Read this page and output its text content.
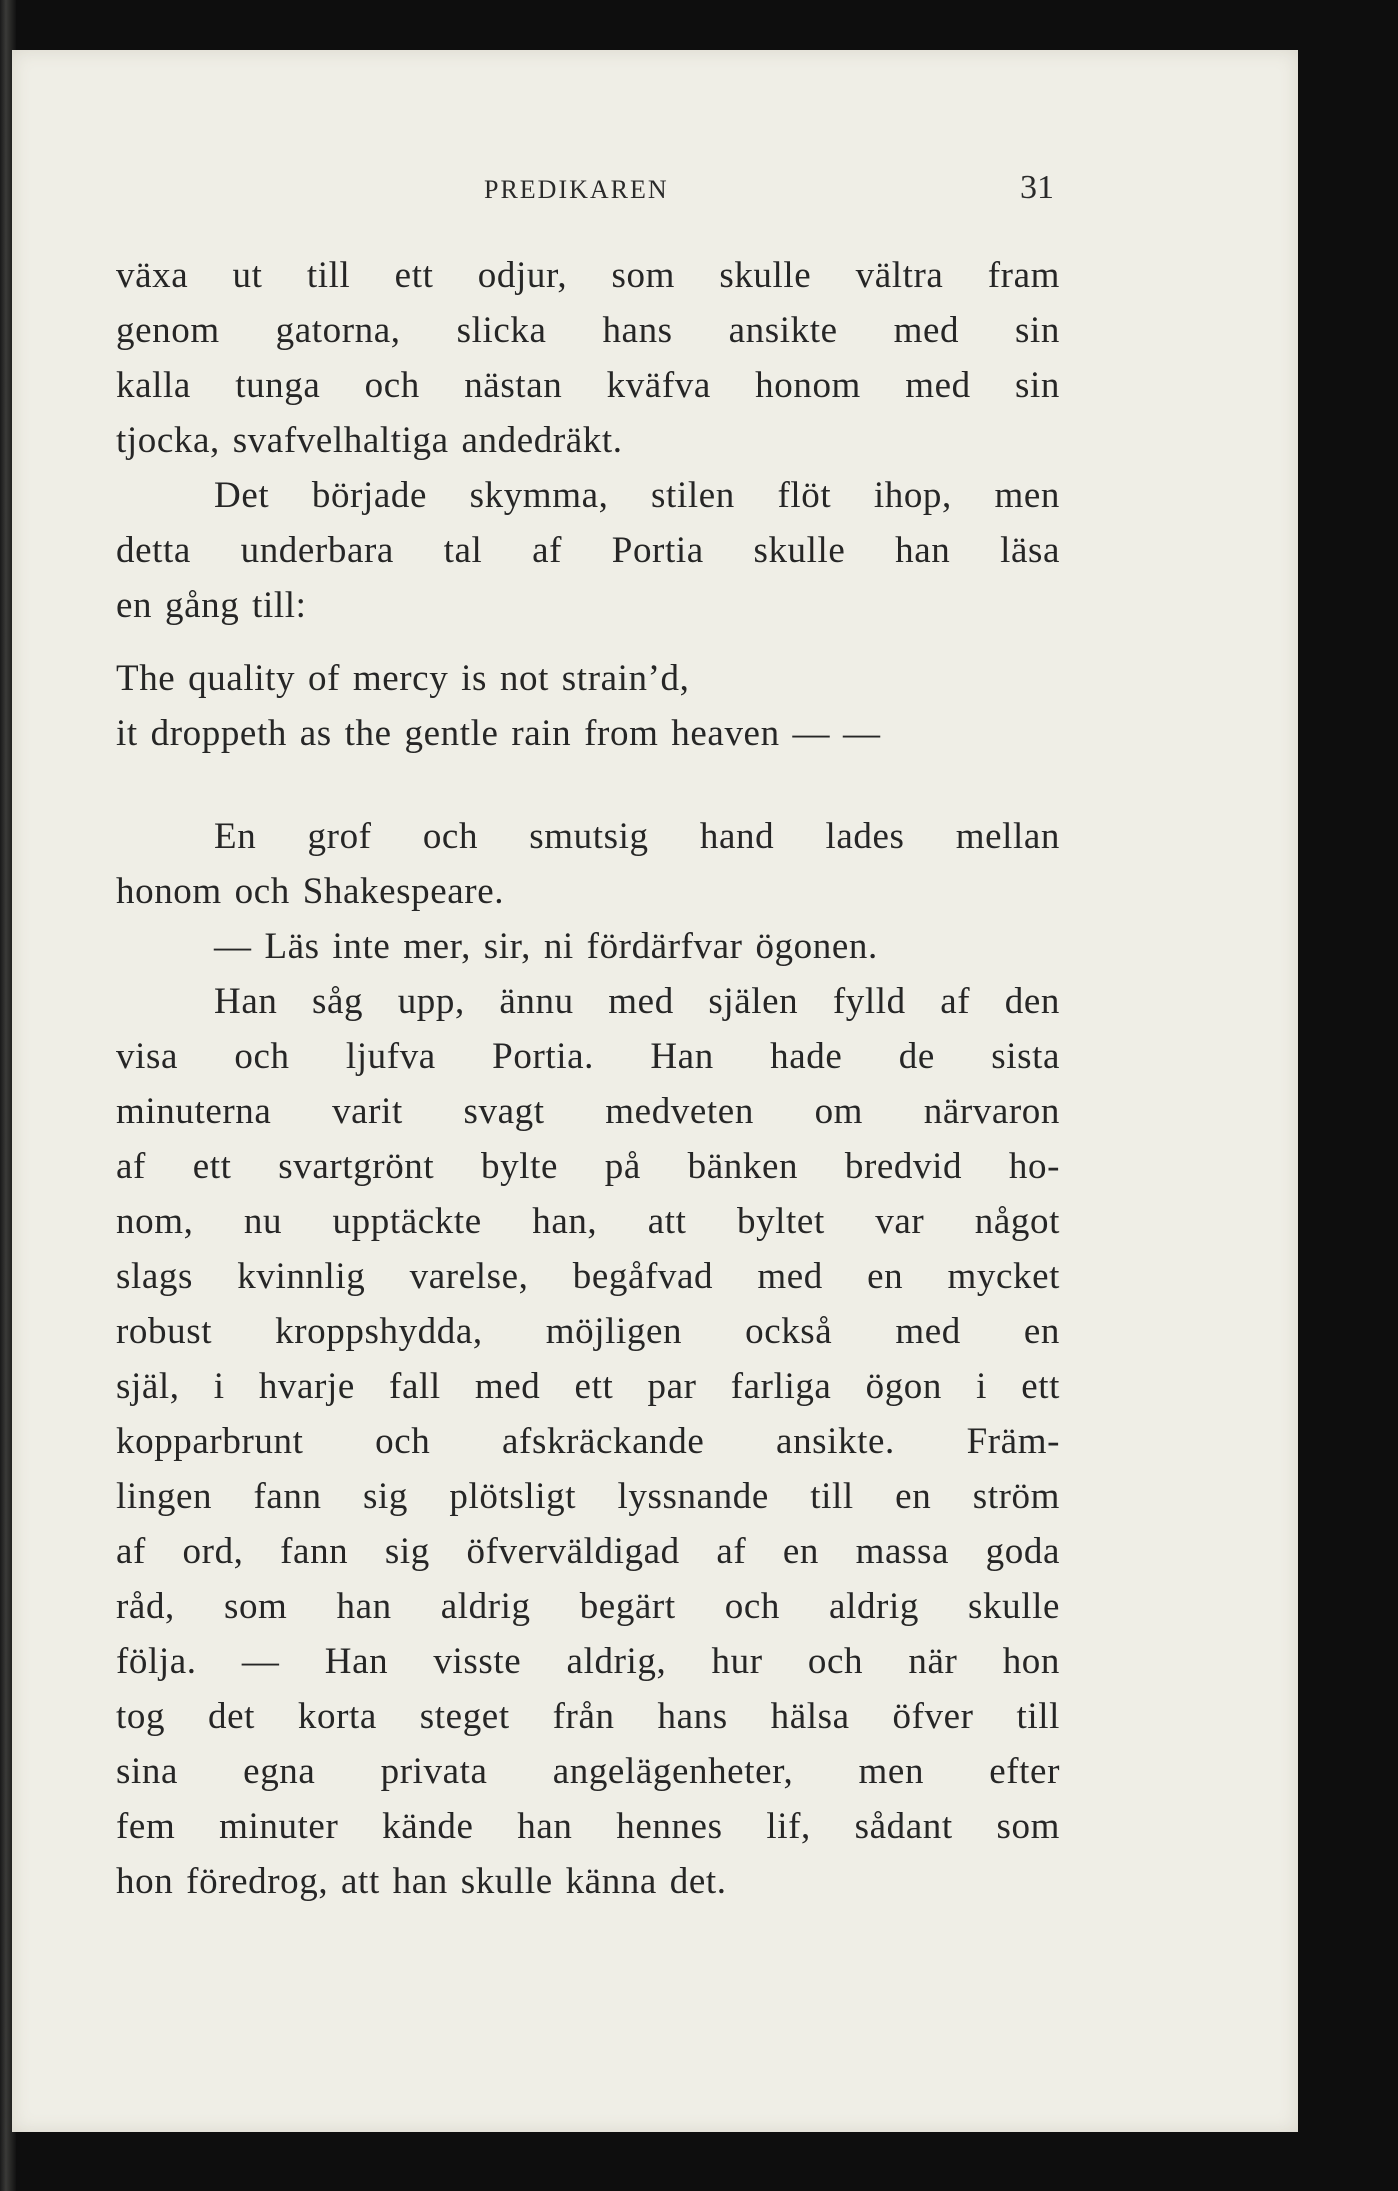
PREDIKAREN	31
växa ut till ett odjur, som skulle vältra fram
genom gatorna, slicka hans ansikte med sin
kalla tunga och nästan kväfva honom med sin
tjocka, svafvelhaltiga andedräkt.
Det började skymma, stilen flöt ihop, men
detta underbara tal af Portia skulle han läsa
en gång till:
The quality of mercy is not strain’d,
it droppeth as the gentle rain from heaven — —
En grof och smutsig hand lades mellan
honom och Shakespeare.
— Läs inte mer, sir, ni fördärfvar ögonen.
Han såg upp, ännu med själen fylld af den
visa och ljufva Portia. Han hade de sista
minuterna varit svagt medveten om närvaron
af ett svartgrönt bylte på bänken bredvid ho-
nom, nu upptäckte han, att byltet var något
slags kvinnlig varelse, begåfvad med en mycket
robust kroppshydda, möjligen också med en
själ, i hvarje fall med ett par farliga ögon i ett
kopparbrunt och afskräckande ansikte. Främ-
lingen fann sig plötsligt lyssnande till en ström
af ord, fann sig öfverväldigad af en massa goda
råd, som han aldrig begärt och aldrig skulle
följa. — Han visste aldrig, hur och när hon
tog det korta steget från hans hälsa öfver till
sina egna privata angelägenheter, men efter
fem minuter kände han hennes lif, sådant som
hon föredrog, att han skulle känna det.
